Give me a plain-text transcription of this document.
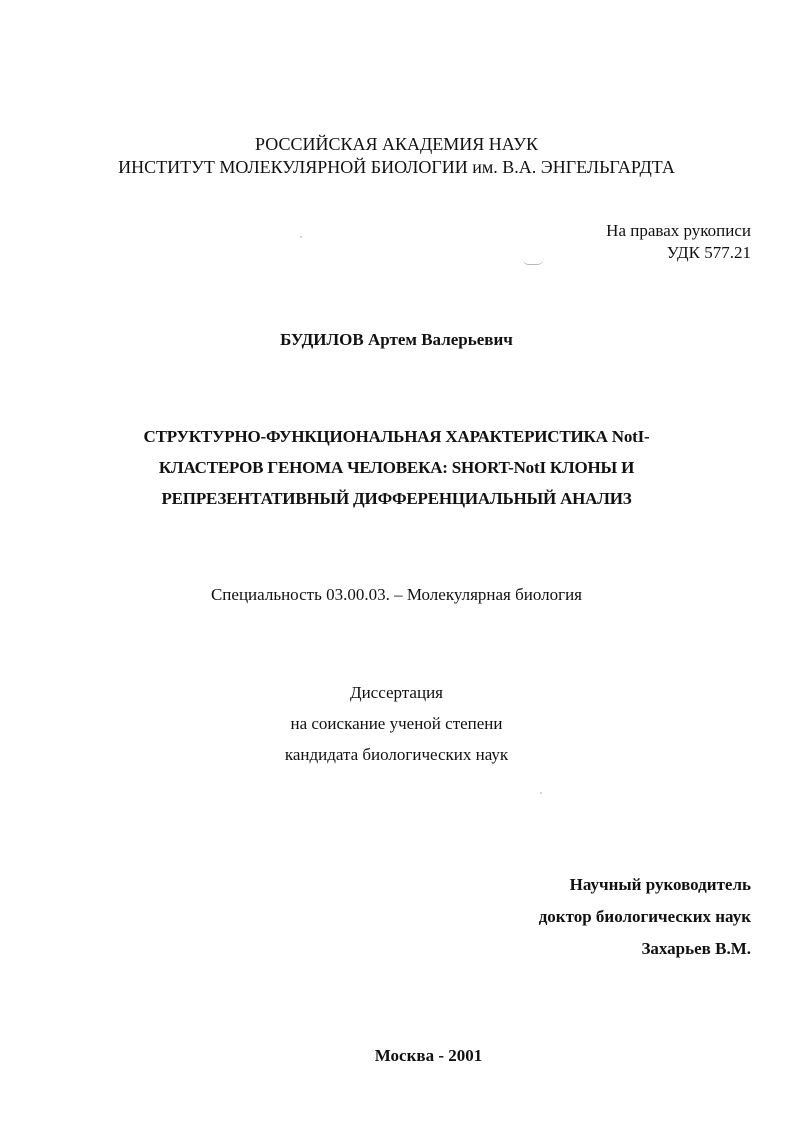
РОССИЙСКАЯ АКАДЕМИЯ НАУК
ИНСТИТУТ МОЛЕКУЛЯРНОЙ БИОЛОГИИ им. В.А. ЭНГЕЛЬГАРДТА
На правах рукописи
УДК 577.21
БУДИЛОВ Артем Валерьевич
СТРУКТУРНО-ФУНКЦИОНАЛЬНАЯ ХАРАКТЕРИСТИКА NotI-
КЛАСТЕРОВ ГЕНОМА ЧЕЛОВЕКА: SHORT-NotI КЛОНЫ И
РЕПРЕЗЕНТАТИВНЫЙ ДИФФЕРЕНЦИАЛЬНЫЙ АНАЛИЗ
Специальность 03.00.03. – Молекулярная биология
Диссертация
на соискание ученой степени
кандидата биологических наук
Научный руководитель
доктор биологических наук
Захарьев В.М.
Москва - 2001
